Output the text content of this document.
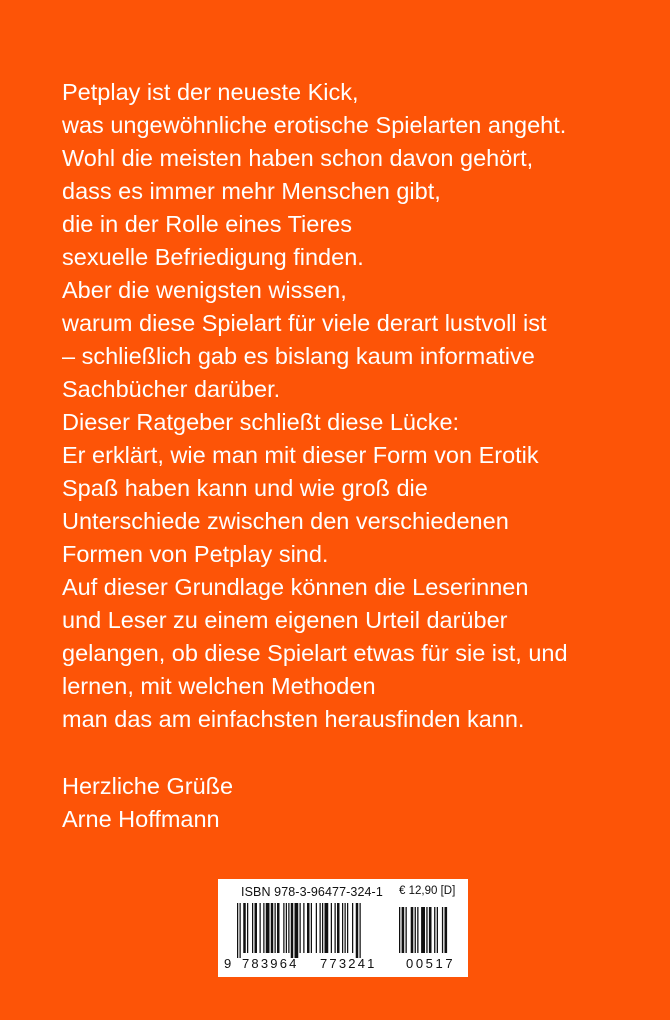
Petplay ist der neueste Kick,
was ungewöhnliche erotische Spielarten angeht.
Wohl die meisten haben schon davon gehört,
dass es immer mehr Menschen gibt,
die in der Rolle eines Tieres
sexuelle Befriedigung finden.
Aber die wenigsten wissen,
warum diese Spielart für viele derart lustvoll ist
– schließlich gab es bislang kaum informative
Sachbücher darüber.
Dieser Ratgeber schließt diese Lücke:
Er erklärt, wie man mit dieser Form von Erotik
Spaß haben kann und wie groß die
Unterschiede zwischen den verschiedenen
Formen von Petplay sind.
Auf dieser Grundlage können die Leserinnen
und Leser zu einem eigenen Urteil darüber
gelangen, ob diese Spielart etwas für sie ist, und
lernen, mit welchen Methoden
man das am einfachsten herausfinden kann.
Herzliche Grüße
Arne Hoffmann
ISBN 978-3-96477-324-1 € 12,90 [D]
9 783964 773241 00517
